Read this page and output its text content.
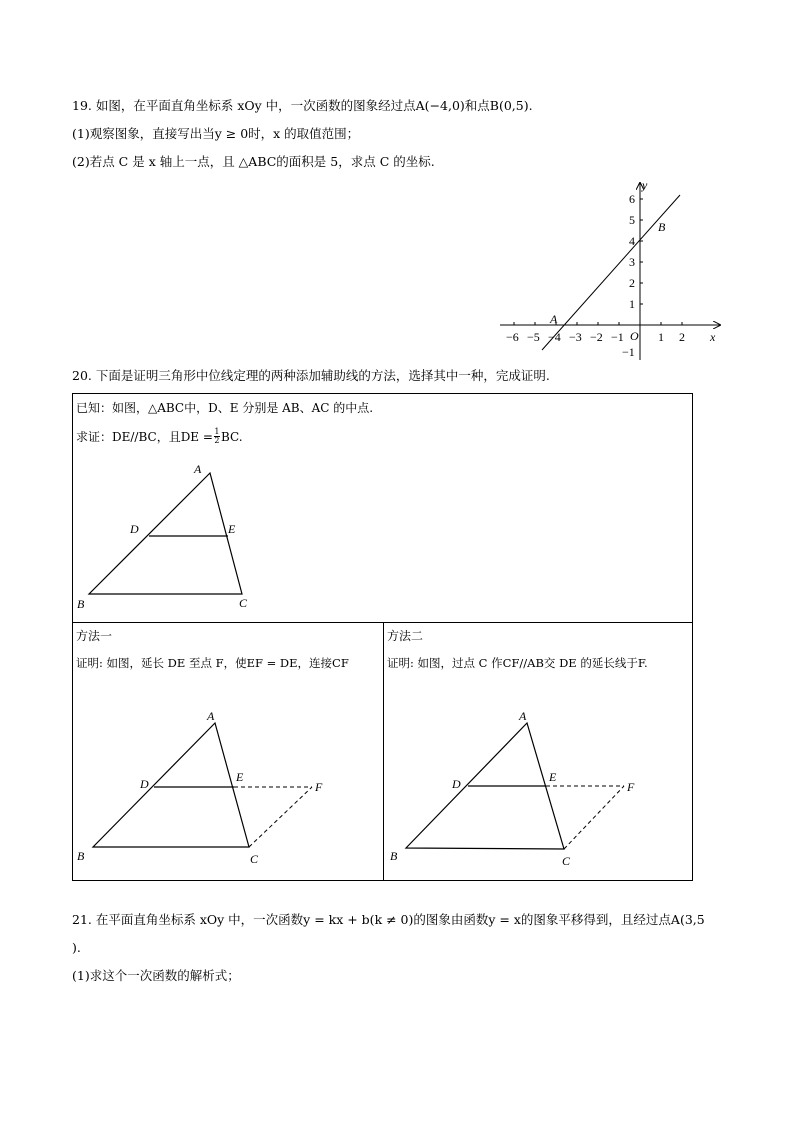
19. 如图，在平面直角坐标系 xOy 中，一次函数的图象经过点A(−4,0)和点B(0,5).
(1)观察图象，直接写出当y ≥ 0时，x 的取值范围；
(2)若点 C 是 x 轴上一点，且 △ABC的面积是 5，求点 C 的坐标.
−6 −5 −4 −3 −2 −1	1 2
1
2
3
4
5
6
−1
O	x
y
A
B
20. 下面是证明三角形中位线定理的两种添加辅助线的方法，选择其中一种，完成证明.
已知：如图，△ABC中，D、E 分别是 AB、AC 的中点.
求证：DE//BC，且DE = 1
2 BC.
A
D	E
B	C
方法一
证明: 如图，延长 DE 至点 F，使EF = DE，连接CF
A
D	E
F
B	C
方法二
证明: 如图，过点 C 作CF//AB交 DE 的延长线于F.
A
D	E
F
B	C
21. 在平面直角坐标系 xOy 中，一次函数y = kx + b(k ≠ 0)的图象由函数y = x的图象平移得到，且经过点A(3,5
).
(1)求这个一次函数的解析式；
